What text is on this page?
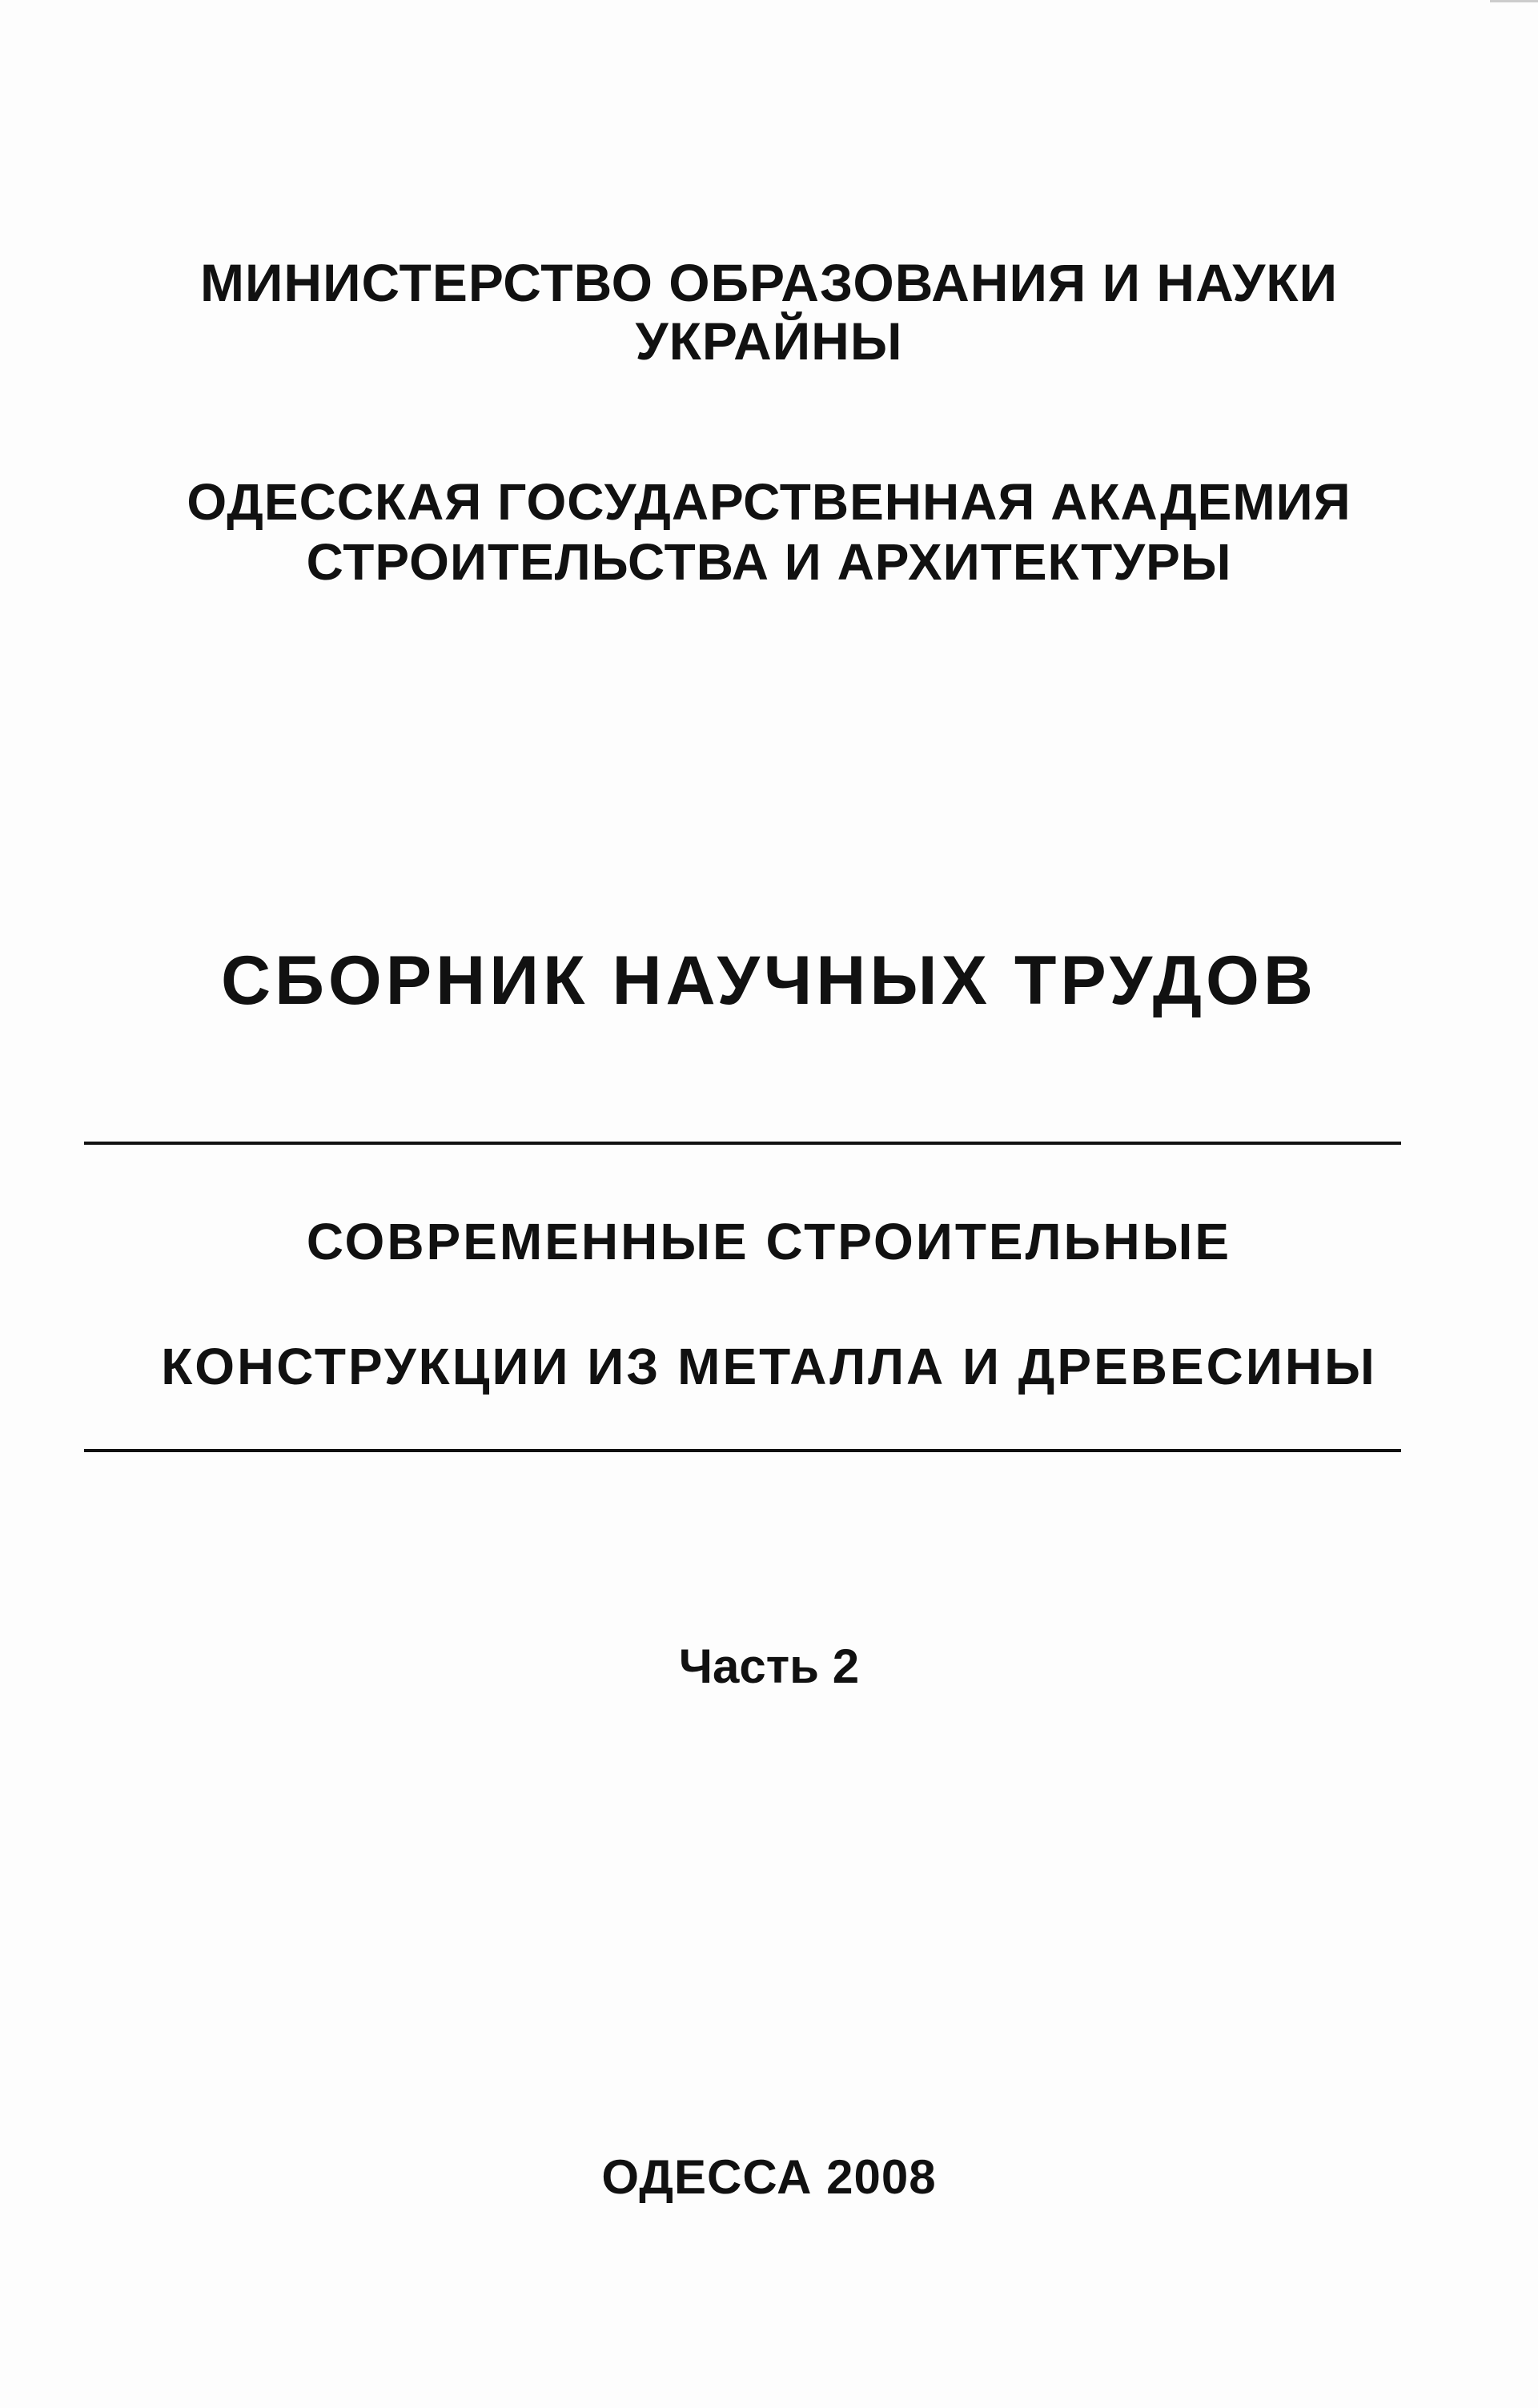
МИНИСТЕРСТВО ОБРАЗОВАНИЯ И НАУКИ
УКРАЙНЫ
ОДЕССКАЯ ГОСУДАРСТВЕННАЯ АКАДЕМИЯ
СТРОИТЕЛЬСТВА И АРХИТЕКТУРЫ
СБОРНИК НАУЧНЫХ ТРУДОВ
СОВРЕМЕННЫЕ СТРОИТЕЛЬНЫЕ
КОНСТРУКЦИИ ИЗ МЕТАЛЛА И ДРЕВЕСИНЫ
Часть 2
ОДЕССА 2008
